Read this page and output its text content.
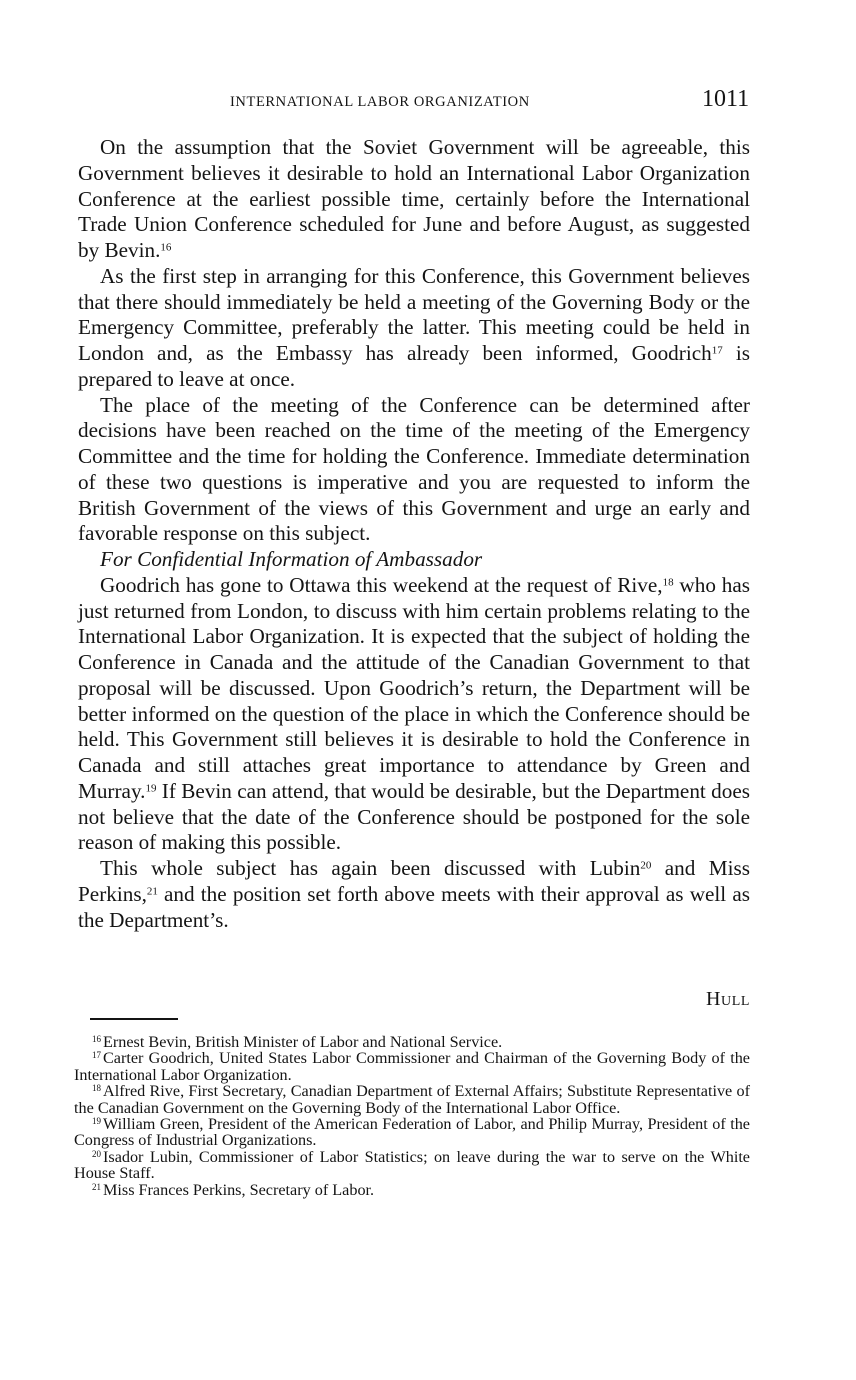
INTERNATIONAL LABOR ORGANIZATION	1011

On the assumption that the Soviet Government will be agreeable, this Government believes it desirable to hold an International Labor Organization Conference at the earliest possible time, certainly before the International Trade Union Conference scheduled for June and before August, as suggested by Bevin.$^{16}$

As the first step in arranging for this Conference, this Government believes that there should immediately be held a meeting of the Governing Body or the Emergency Committee, preferably the latter. This meeting could be held in London and, as the Embassy has already been informed, Goodrich$^{17}$ is prepared to leave at once.

The place of the meeting of the Conference can be determined after decisions have been reached on the time of the meeting of the Emergency Committee and the time for holding the Conference. Immediate determination of these two questions is imperative and you are requested to inform the British Government of the views of this Government and urge an early and favorable response on this subject.

For Confidential Information of Ambassador

Goodrich has gone to Ottawa this weekend at the request of Rive,$^{18}$ who has just returned from London, to discuss with him certain problems relating to the International Labor Organization. It is expected that the subject of holding the Conference in Canada and the attitude of the Canadian Government to that proposal will be discussed. Upon Goodrich’s return, the Department will be better informed on the question of the place in which the Conference should be held. This Government still believes it is desirable to hold the Conference in Canada and still attaches great importance to attendance by Green and Murray.$^{19}$ If Bevin can attend, that would be desirable, but the Department does not believe that the date of the Conference should be postponed for the sole reason of making this possible.

This whole subject has again been discussed with Lubin$^{20}$ and Miss Perkins,$^{21}$ and the position set forth above meets with their approval as well as the Department’s.

Hull

$^{16}$ Ernest Bevin, British Minister of Labor and National Service.

$^{17}$ Carter Goodrich, United States Labor Commissioner and Chairman of the Governing Body of the International Labor Organization.

$^{18}$ Alfred Rive, First Secretary, Canadian Department of External Affairs; Substitute Representative of the Canadian Government on the Governing Body of the International Labor Office.

$^{19}$ William Green, President of the American Federation of Labor, and Philip Murray, President of the Congress of Industrial Organizations.

$^{20}$ Isador Lubin, Commissioner of Labor Statistics; on leave during the war to serve on the White House Staff.

$^{21}$ Miss Frances Perkins, Secretary of Labor.
